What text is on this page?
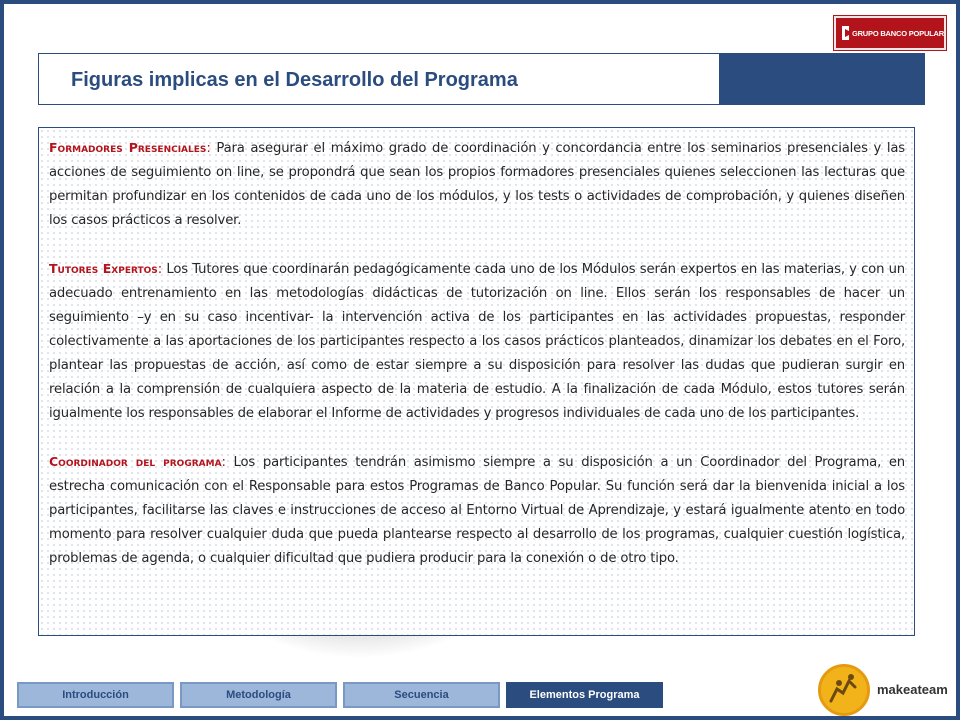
GRUPO BANCO POPULAR
Figuras implicas en el Desarrollo del Programa

Formadores Presenciales: Para asegurar el máximo grado de coordinación y concordancia entre los seminarios presenciales y las acciones de seguimiento on line, se propondrá que sean los propios formadores presenciales quienes seleccionen las lecturas que permitan profundizar en los contenidos de cada uno de los módulos, y los tests o actividades de comprobación, y quienes diseñen los casos prácticos a resolver.

Tutores Expertos: Los Tutores que coordinarán pedagógicamente cada uno de los Módulos serán expertos en las materias, y con un adecuado entrenamiento en las metodologías didácticas de tutorización on line. Ellos serán los responsables de hacer un seguimiento –y en su caso incentivar- la intervención activa de los participantes en las actividades propuestas, responder colectivamente a las aportaciones de los participantes respecto a los casos prácticos planteados, dinamizar los debates en el Foro, plantear las propuestas de acción, así como de estar siempre a su disposición para resolver las dudas que pudieran surgir en relación a la comprensión de cualquiera aspecto de la materia de estudio. A la finalización de cada Módulo, estos tutores serán igualmente los responsables de elaborar el Informe de actividades y progresos individuales de cada uno de los participantes.

Coordinador del programa: Los participantes tendrán asimismo siempre a su disposición a un Coordinador del Programa, en estrecha comunicación con el Responsable para estos Programas de Banco Popular. Su función será dar la bienvenida inicial a los participantes, facilitarse las claves e instrucciones de acceso al Entorno Virtual de Aprendizaje, y estará igualmente atento en todo momento para resolver cualquier duda que pueda plantearse respecto al desarrollo de los programas, cualquier cuestión logística, problemas de agenda, o cualquier dificultad que pudiera producir para la conexión o de otro tipo.

Introducción	Metodología	Secuencia	Elementos Programa	makeateam
